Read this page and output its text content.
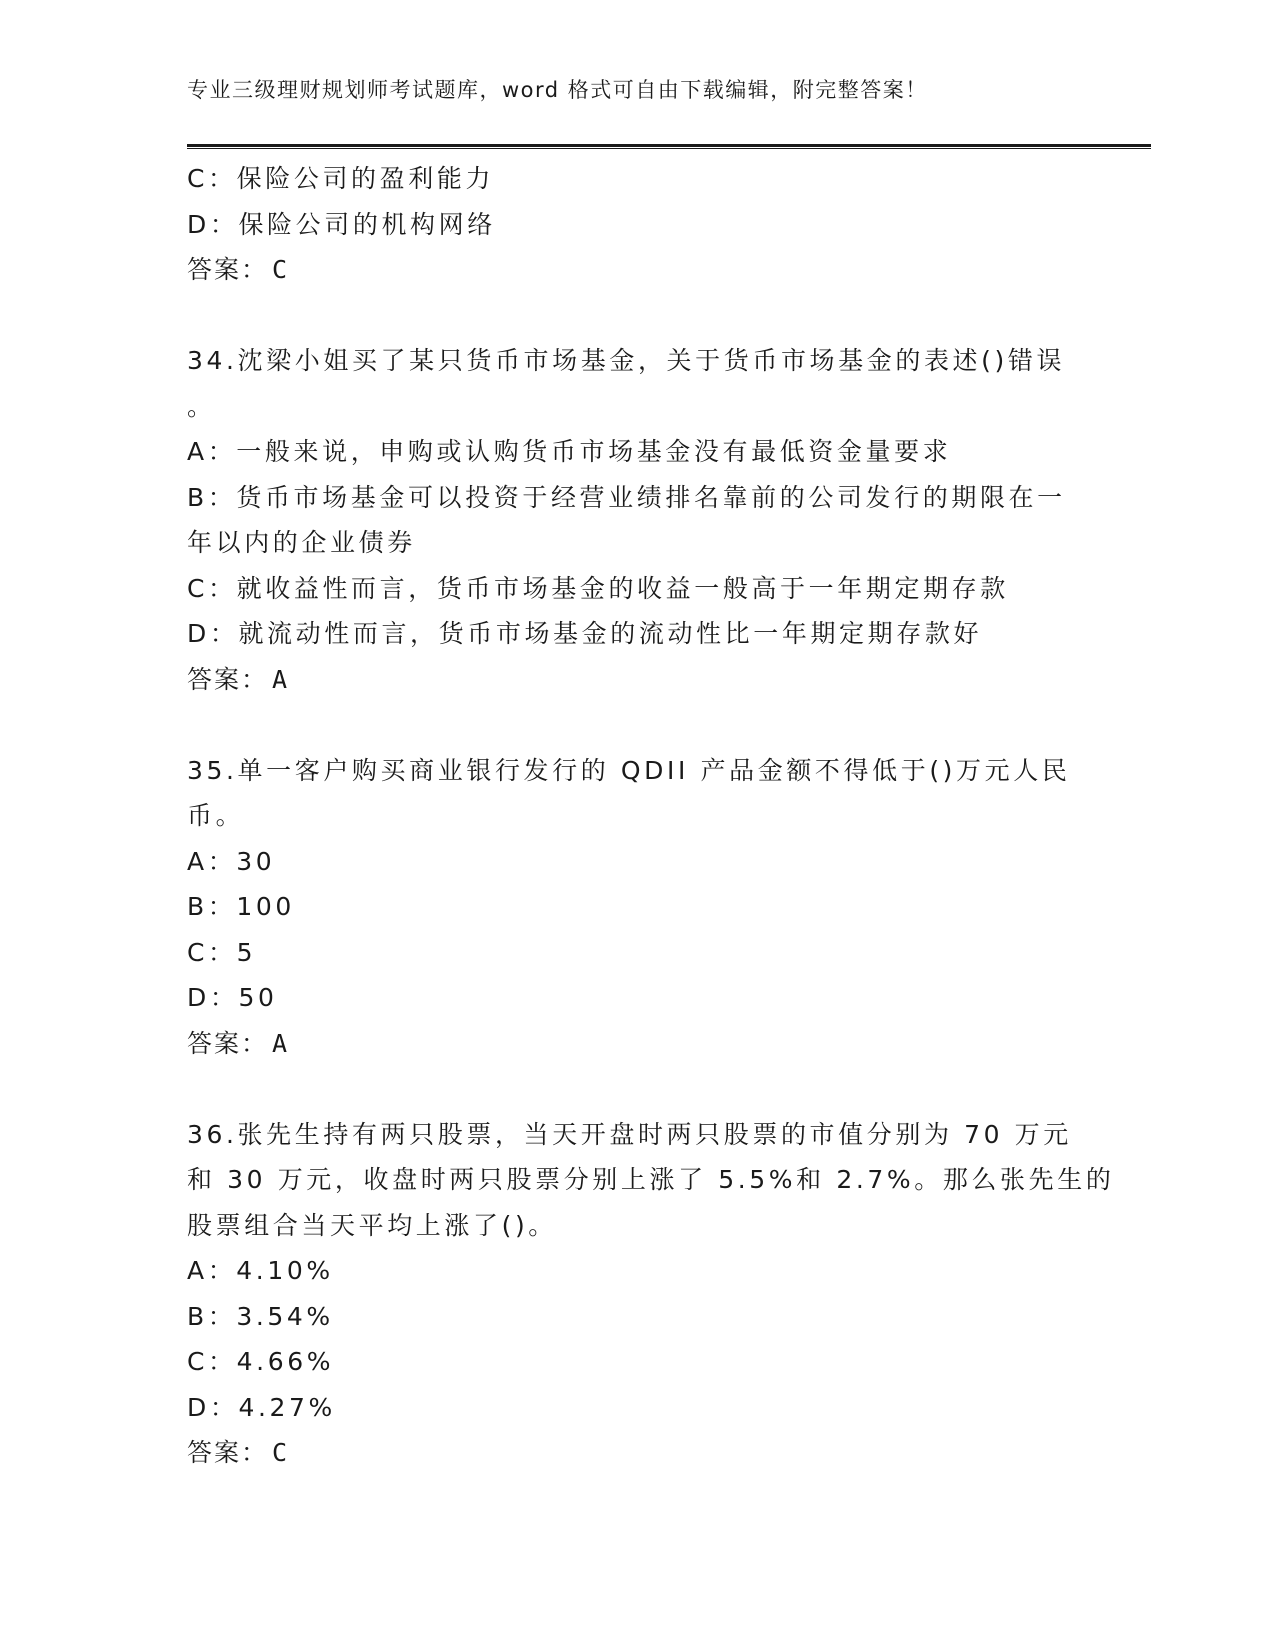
专业三级理财规划师考试题库，word 格式可自由下载编辑，附完整答案！
C：保险公司的盈利能力
D：保险公司的机构网络
答案： C
34.沈梁小姐买了某只货币市场基金，关于货币市场基金的表述()错误
。
A：一般来说，申购或认购货币市场基金没有最低资金量要求
B：货币市场基金可以投资于经营业绩排名靠前的公司发行的期限在一
年以内的企业债券
C：就收益性而言，货币市场基金的收益一般高于一年期定期存款
D：就流动性而言，货币市场基金的流动性比一年期定期存款好
答案： A
35.单一客户购买商业银行发行的 QDII 产品金额不得低于()万元人民
币。
A：30
B：100
C：5
D：50
答案： A
36.张先生持有两只股票，当天开盘时两只股票的市值分别为 70 万元
和 30 万元，收盘时两只股票分别上涨了 5.5%和 2.7%。那么张先生的
股票组合当天平均上涨了()。
A：4.10%
B：3.54%
C：4.66%
D：4.27%
答案： C
